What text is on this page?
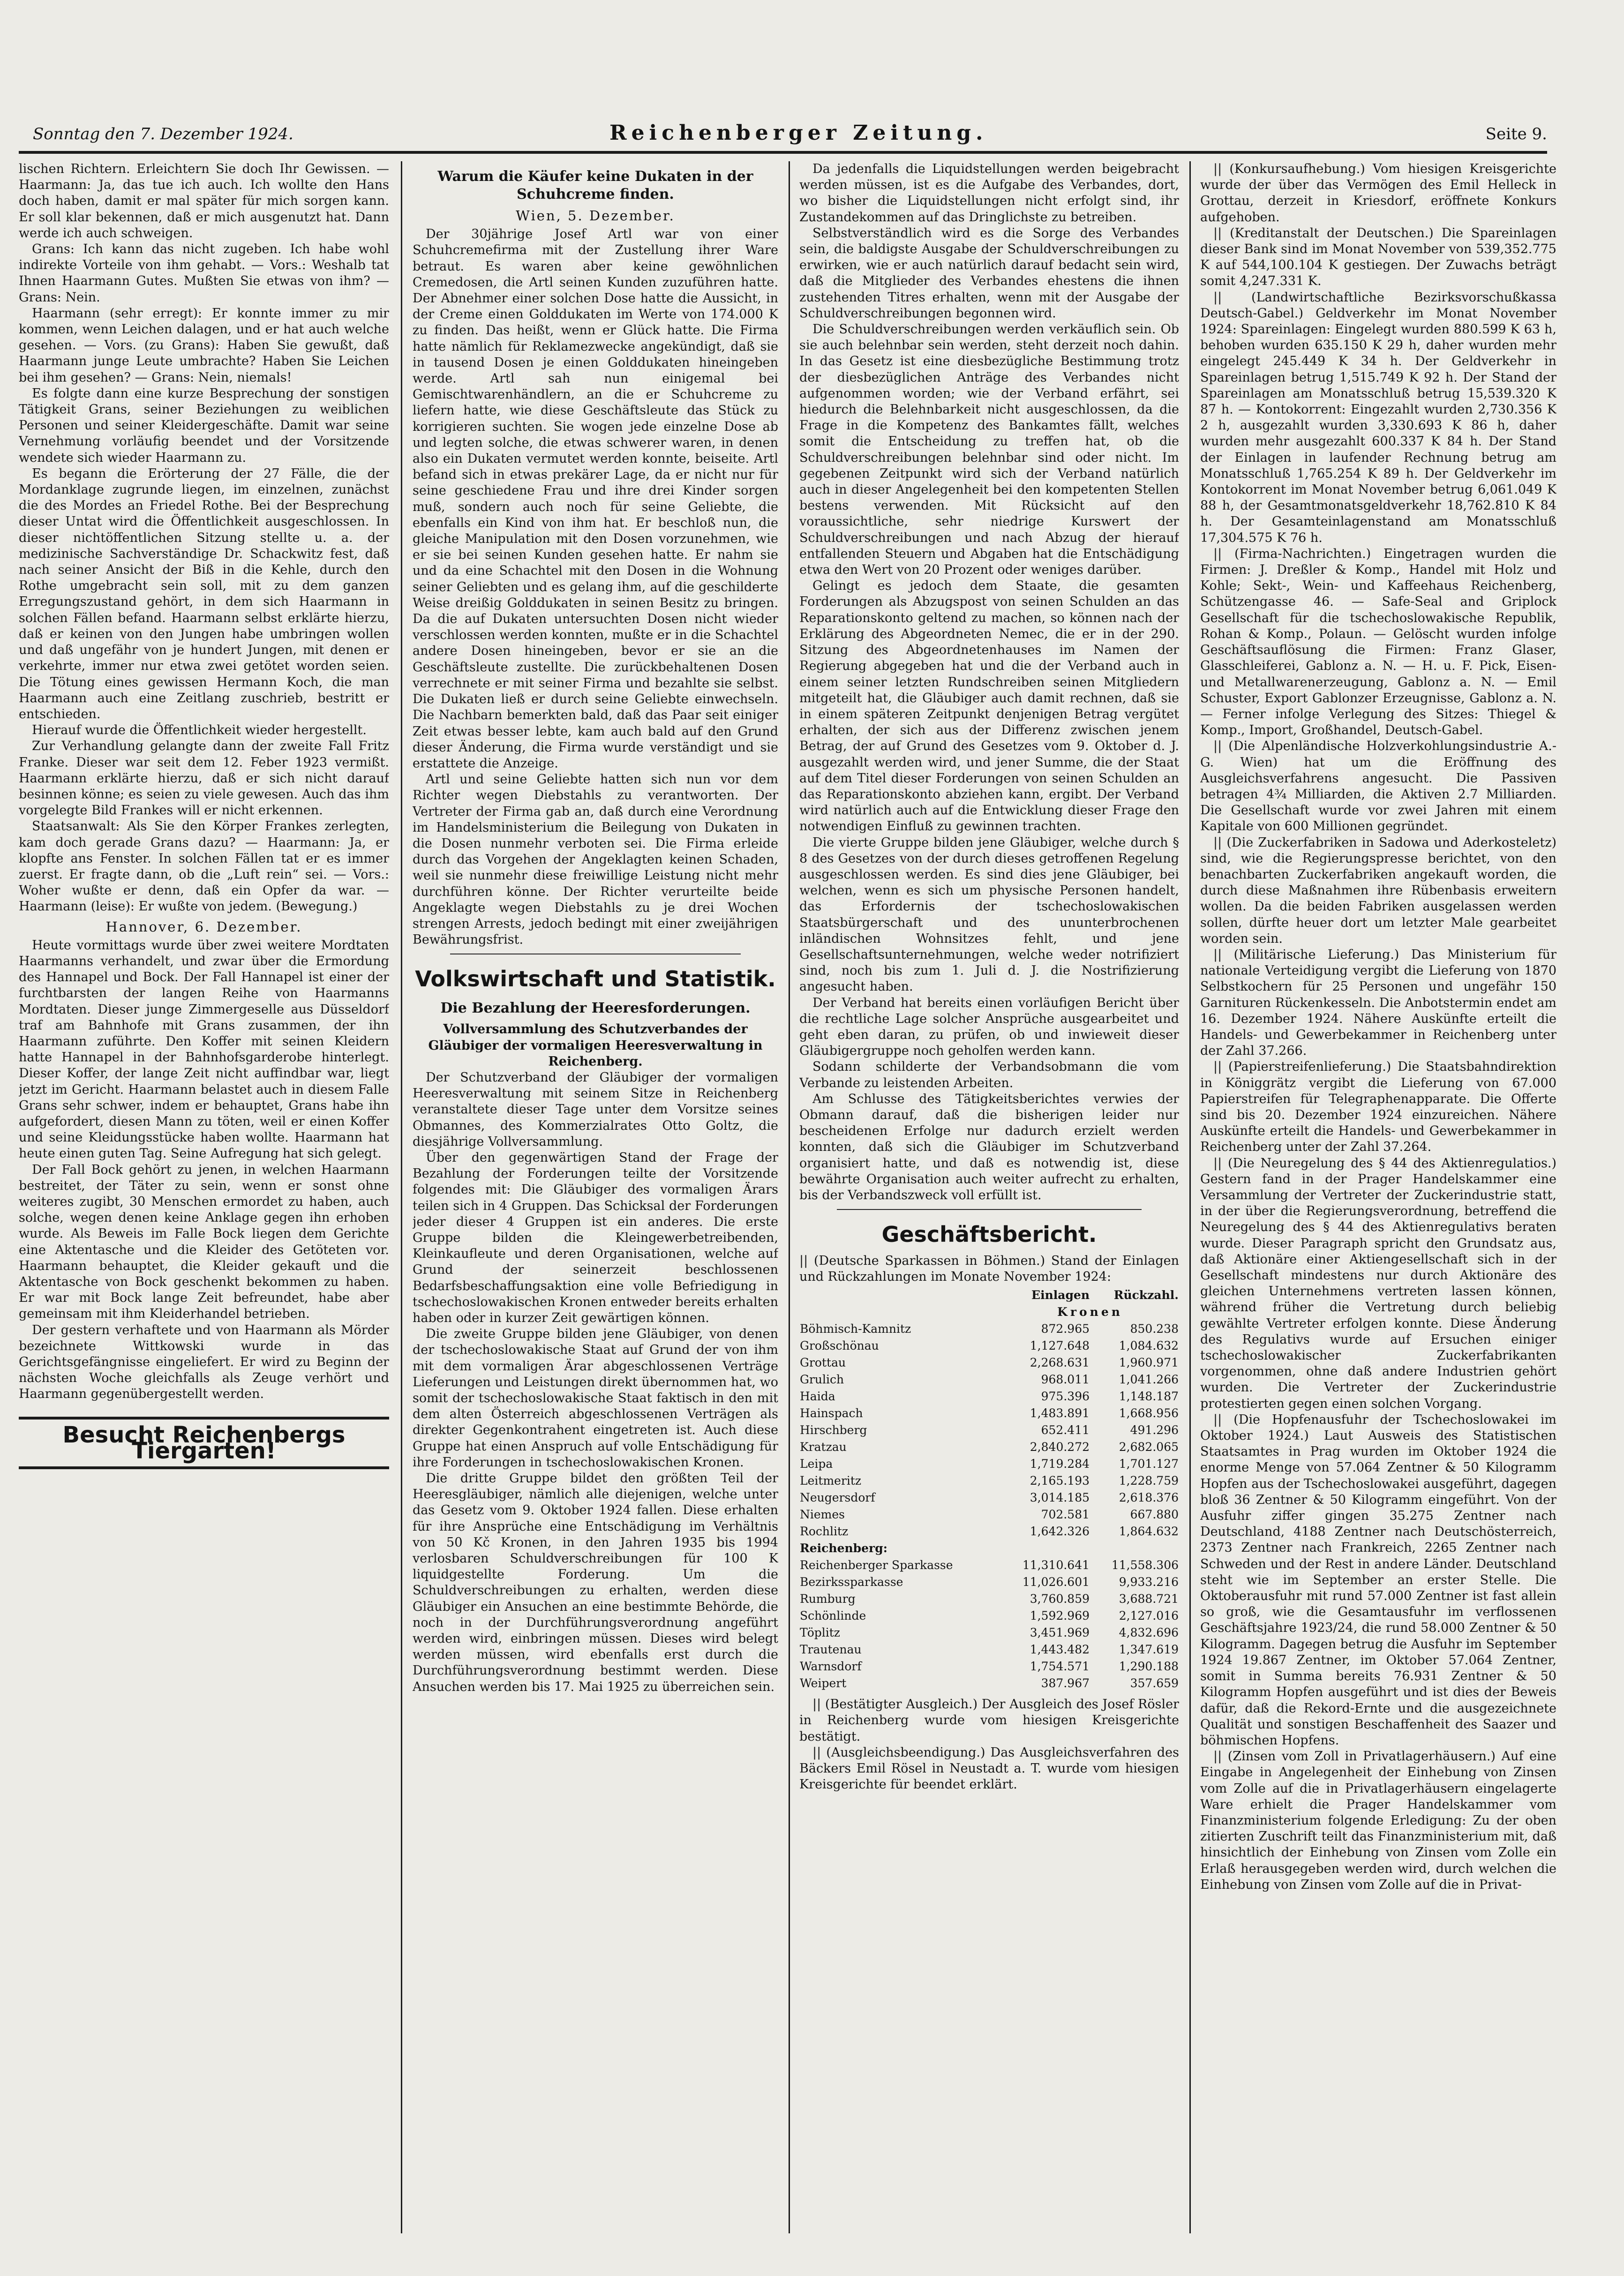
Sonntag den 7. Dezember 1924.	Reichenberger Zeitung.	Seite 9.

lischen Richtern. Erleichtern Sie doch Ihr Gewissen. — Haarmann: Ja, das tue ich auch. Ich wollte den Hans doch haben, damit er mal später für mich sorgen kann. Er soll klar bekennen, daß er mich ausgenutzt hat. Dann werde ich auch schweigen.

Grans: Ich kann das nicht zugeben. Ich habe wohl indirekte Vorteile von ihm gehabt. — Vors.: Weshalb tat Ihnen Haarmann Gutes. Mußten Sie etwas von ihm? — Grans: Nein.

Haarmann (sehr erregt): Er konnte immer zu mir kommen, wenn Leichen dalagen, und er hat auch welche gesehen. — Vors. (zu Grans): Haben Sie gewußt, daß Haarmann junge Leute umbrachte? Haben Sie Leichen bei ihm gesehen? — Grans: Nein, niemals!

Es folgte dann eine kurze Besprechung der sonstigen Tätigkeit Grans, seiner Beziehungen zu weiblichen Personen und seiner Kleidergeschäfte. Damit war seine Vernehmung vorläufig beendet und der Vorsitzende wendete sich wieder Haarmann zu.

Es begann die Erörterung der 27 Fälle, die der Mordanklage zugrunde liegen, im einzelnen, zunächst die des Mordes an Friedel Rothe. Bei der Besprechung dieser Untat wird die Öffentlichkeit ausgeschlossen. In dieser nichtöffentlichen Sitzung stellte u. a. der medizinische Sachverständige Dr. Schackwitz fest, daß nach seiner Ansicht der Biß in die Kehle, durch den Rothe umgebracht sein soll, mit zu dem ganzen Erregungszustand gehört, in dem sich Haarmann in solchen Fällen befand. Haarmann selbst erklärte hierzu, daß er keinen von den Jungen habe umbringen wollen und daß ungefähr von je hundert Jungen, mit denen er verkehrte, immer nur etwa zwei getötet worden seien. Die Tötung eines gewissen Hermann Koch, die man Haarmann auch eine Zeitlang zuschrieb, bestritt er entschieden.

Hierauf wurde die Öffentlichkeit wieder hergestellt.

Zur Verhandlung gelangte dann der zweite Fall Fritz Franke. Dieser war seit dem 12. Feber 1923 vermißt. Haarmann erklärte hierzu, daß er sich nicht darauf besinnen könne; es seien zu viele gewesen. Auch das ihm vorgelegte Bild Frankes will er nicht erkennen.

Staatsanwalt: Als Sie den Körper Frankes zerlegten, kam doch gerade Grans dazu? — Haarmann: Ja, er klopfte ans Fenster. In solchen Fällen tat er es immer zuerst. Er fragte dann, ob die „Luft rein“ sei. — Vors.: Woher wußte er denn, daß ein Opfer da war. — Haarmann (leise): Er wußte von jedem. (Bewegung.)

Hannover, 6. Dezember.

Heute vormittags wurde über zwei weitere Mordtaten Haarmanns verhandelt, und zwar über die Ermordung des Hannapel und Bock. Der Fall Hannapel ist einer der furchtbarsten der langen Reihe von Haarmanns Mordtaten. Dieser junge Zimmergeselle aus Düsseldorf traf am Bahnhofe mit Grans zusammen, der ihn Haarmann zuführte. Den Koffer mit seinen Kleidern hatte Hannapel in der Bahnhofsgarderobe hinterlegt. Dieser Koffer, der lange Zeit nicht auffindbar war, liegt jetzt im Gericht. Haarmann belastet auch in diesem Falle Grans sehr schwer, indem er behauptet, Grans habe ihn aufgefordert, diesen Mann zu töten, weil er einen Koffer und seine Kleidungsstücke haben wollte. Haarmann hat heute einen guten Tag. Seine Aufregung hat sich gelegt.

Der Fall Bock gehört zu jenen, in welchen Haarmann bestreitet, der Täter zu sein, wenn er sonst ohne weiteres zugibt, 30 Menschen ermordet zu haben, auch solche, wegen denen keine Anklage gegen ihn erhoben wurde. Als Beweis im Falle Bock liegen dem Gerichte eine Aktentasche und die Kleider des Getöteten vor. Haarmann behauptet, die Kleider gekauft und die Aktentasche von Bock geschenkt bekommen zu haben. Er war mit Bock lange Zeit befreundet, habe aber gemeinsam mit ihm Kleiderhandel betrieben.

Der gestern verhaftete und von Haarmann als Mörder bezeichnete Wittkowski wurde in das Gerichtsgefängnisse eingeliefert. Er wird zu Beginn der nächsten Woche gleichfalls als Zeuge verhört und Haarmann gegenübergestellt werden.

Besucht Reichenbergs Tiergarten!
Warum die Käufer keine Dukaten in der Schuhcreme finden.
Wien, 5. Dezember.

Der 30jährige Josef Artl war von einer Schuhcremefirma mit der Zustellung ihrer Ware betraut. Es waren aber keine gewöhnlichen Cremedosen, die Artl seinen Kunden zuzuführen hatte. Der Abnehmer einer solchen Dose hatte die Aussicht, in der Creme einen Golddukaten im Werte von 174.000 K zu finden. Das heißt, wenn er Glück hatte. Die Firma hatte nämlich für Reklamezwecke angekündigt, daß sie in tausend Dosen je einen Golddukaten hineingeben werde. Artl sah nun einigemal bei Gemischtwarenhändlern, an die er Schuhcreme zu liefern hatte, wie diese Geschäftsleute das Stück zu korrigieren suchten. Sie wogen jede einzelne Dose ab und legten solche, die etwas schwerer waren, in denen also ein Dukaten vermutet werden konnte, beiseite. Artl befand sich in etwas prekärer Lage, da er nicht nur für seine geschiedene Frau und ihre drei Kinder sorgen muß, sondern auch noch für seine Geliebte, die ebenfalls ein Kind von ihm hat. Er beschloß nun, die gleiche Manipulation mit den Dosen vorzunehmen, wie er sie bei seinen Kunden gesehen hatte. Er nahm sie und da eine Schachtel mit den Dosen in die Wohnung seiner Geliebten und es gelang ihm, auf die geschilderte Weise dreißig Golddukaten in seinen Besitz zu bringen. Da die auf Dukaten untersuchten Dosen nicht wieder verschlossen werden konnten, mußte er in die Schachtel andere Dosen hineingeben, bevor er sie an die Geschäftsleute zustellte. Die zurückbehaltenen Dosen verrechnete er mit seiner Firma und bezahlte sie selbst. Die Dukaten ließ er durch seine Geliebte einwechseln. Die Nachbarn bemerkten bald, daß das Paar seit einiger Zeit etwas besser lebte, kam auch bald auf den Grund dieser Änderung, die Firma wurde verständigt und sie erstattete die Anzeige.

Artl und seine Geliebte hatten sich nun vor dem Richter wegen Diebstahls zu verantworten. Der Vertreter der Firma gab an, daß durch eine Verordnung im Handelsministerium die Beilegung von Dukaten in die Dosen nunmehr verboten sei. Die Firma erleide durch das Vorgehen der Angeklagten keinen Schaden, weil sie nunmehr diese freiwillige Leistung nicht mehr durchführen könne. Der Richter verurteilte beide Angeklagte wegen Diebstahls zu je drei Wochen strengen Arrests, jedoch bedingt mit einer zweijährigen Bewährungsfrist.

Volkswirtschaft und Statistik.
Die Bezahlung der Heeresforderungen.

Vollversammlung des Schutzverbandes der Gläubiger der vormaligen Heeresverwaltung in Reichenberg.

Der Schutzverband der Gläubiger der vormaligen Heeresverwaltung mit seinem Sitze in Reichenberg veranstaltete dieser Tage unter dem Vorsitze seines Obmannes, des Kommerzialrates Otto Goltz, die diesjährige Vollversammlung.

Über den gegenwärtigen Stand der Frage der Bezahlung der Forderungen teilte der Vorsitzende folgendes mit: Die Gläubiger des vormaligen Ärars teilen sich in 4 Gruppen. Das Schicksal der Forderungen jeder dieser 4 Gruppen ist ein anderes. Die erste Gruppe bilden die Kleingewerbetreibenden, Kleinkaufleute und deren Organisationen, welche auf Grund der seinerzeit beschlossenen Bedarfsbeschaffungsaktion eine volle Befriedigung in tschechoslowakischen Kronen entweder bereits erhalten haben oder in kurzer Zeit gewärtigen können.

Die zweite Gruppe bilden jene Gläubiger, von denen der tschechoslowakische Staat auf Grund der von ihm mit dem vormaligen Ärar abgeschlossenen Verträge Lieferungen und Leistungen direkt übernommen hat, wo somit der tschechoslowakische Staat faktisch in den mit dem alten Österreich abgeschlossenen Verträgen als direkter Gegenkontrahent eingetreten ist. Auch diese Gruppe hat einen Anspruch auf volle Entschädigung für ihre Forderungen in tschechoslowakischen Kronen.

Die dritte Gruppe bildet den größten Teil der Heeresgläubiger, nämlich alle diejenigen, welche unter das Gesetz vom 9. Oktober 1924 fallen. Diese erhalten für ihre Ansprüche eine Entschädigung im Verhältnis von 50 Kč Kronen, in den Jahren 1935 bis 1994 verlosbaren Schuldverschreibungen für 100 K liquidgestellte Forderung. Um die Schuldverschreibungen zu erhalten, werden diese Gläubiger ein Ansuchen an eine bestimmte Behörde, die noch in der Durchführungsverordnung angeführt werden wird, einbringen müssen. Dieses wird belegt werden müssen, wird ebenfalls erst durch die Durchführungsverordnung bestimmt werden. Diese Ansuchen werden bis 17. Mai 1925 zu überreichen sein.

Da jedenfalls die Liquidstellungen werden beigebracht werden müssen, ist es die Aufgabe des Verbandes, dort, wo bisher die Liquidstellungen nicht erfolgt sind, ihr Zustandekommen auf das Dringlichste zu betreiben.

Selbstverständlich wird es die Sorge des Verbandes sein, die baldigste Ausgabe der Schuldverschreibungen zu erwirken, wie er auch natürlich darauf bedacht sein wird, daß die Mitglieder des Verbandes ehestens die ihnen zustehenden Titres erhalten, wenn mit der Ausgabe der Schuldverschreibungen begonnen wird.

Die Schuldverschreibungen werden verkäuflich sein. Ob sie auch belehnbar sein werden, steht derzeit noch dahin. In das Gesetz ist eine diesbezügliche Bestimmung trotz der diesbezüglichen Anträge des Verbandes nicht aufgenommen worden; wie der Verband erfährt, sei hiedurch die Belehnbarkeit nicht ausgeschlossen, da die Frage in die Kompetenz des Bankamtes fällt, welches somit die Entscheidung zu treffen hat, ob die Schuldverschreibungen belehnbar sind oder nicht. Im gegebenen Zeitpunkt wird sich der Verband natürlich auch in dieser Angelegenheit bei den kompetenten Stellen bestens verwenden. Mit Rücksicht auf den voraussichtliche, sehr niedrige Kurswert der Schuldverschreibungen und nach Abzug der hierauf entfallenden Steuern und Abgaben hat die Entschädigung etwa den Wert von 20 Prozent oder weniges darüber.

Gelingt es jedoch dem Staate, die gesamten Forderungen als Abzugspost von seinen Schulden an das Reparationskonto geltend zu machen, so können nach der Erklärung des Abgeordneten Nemec, die er in der 290. Sitzung des Abgeordnetenhauses im Namen der Regierung abgegeben hat und die der Verband auch in einem seiner letzten Rundschreiben seinen Mitgliedern mitgeteilt hat, die Gläubiger auch damit rechnen, daß sie in einem späteren Zeitpunkt denjenigen Betrag vergütet erhalten, der sich aus der Differenz zwischen jenem Betrag, der auf Grund des Gesetzes vom 9. Oktober d. J. ausgezahlt werden wird, und jener Summe, die der Staat auf dem Titel dieser Forderungen von seinen Schulden an das Reparationskonto abziehen kann, ergibt. Der Verband wird natürlich auch auf die Entwicklung dieser Frage den notwendigen Einfluß zu gewinnen trachten.

Die vierte Gruppe bilden jene Gläubiger, welche durch § 8 des Gesetzes von der durch dieses getroffenen Regelung ausgeschlossen werden. Es sind dies jene Gläubiger, bei welchen, wenn es sich um physische Personen handelt, das Erfordernis der tschechoslowakischen Staatsbürgerschaft und des ununterbrochenen inländischen Wohnsitzes fehlt, und jene Gesellschaftsunternehmungen, welche weder notrifiziert sind, noch bis zum 1. Juli d. J. die Nostrifizierung angesucht haben.

Der Verband hat bereits einen vorläufigen Bericht über die rechtliche Lage solcher Ansprüche ausgearbeitet und geht eben daran, zu prüfen, ob und inwieweit dieser Gläubigergruppe noch geholfen werden kann.

Sodann schilderte der Verbandsobmann die vom Verbande zu leistenden Arbeiten.

Am Schlusse des Tätigkeitsberichtes verwies der Obmann darauf, daß die bisherigen leider nur bescheidenen Erfolge nur dadurch erzielt werden konnten, daß sich die Gläubiger im Schutzverband organisiert hatte, und daß es notwendig ist, diese bewährte Organisation auch weiter aufrecht zu erhalten, bis der Verbandszweck voll erfüllt ist.

Geschäftsbericht.

|| (Deutsche Sparkassen in Böhmen.) Stand der Einlagen und Rückzahlungen im Monate November 1924:

	Einlagen	Rückzahl.
	Kronen	
Böhmisch-Kamnitz	872.965	850.238
Großschönau	1,127.648	1,084.632
Grottau	2,268.631	1,960.971
Grulich	968.011	1,041.266
Haida	975.396	1,148.187
Hainspach	1,483.891	1,668.956
Hirschberg	652.411	491.296
Kratzau	2,840.272	2,682.065
Leipa	1,719.284	1,701.127
Leitmeritz	2,165.193	1,228.759
Neugersdorf	3,014.185	2,618.376
Niemes	702.581	667.880
Rochlitz	1,642.326	1,864.632
Reichenberg:		
Reichenberger Sparkasse	11,310.641	11,558.306
Bezirkssparkasse	11,026.601	9,933.216
Rumburg	3,760.859	3,688.721
Schönlinde	1,592.969	2,127.016
Töplitz	3,451.969	4,832.696
Trautenau	1,443.482	1,347.619
Warnsdorf	1,754.571	1,290.188
Weipert	387.967	357.659

|| (Bestätigter Ausgleich.) Der Ausgleich des Josef Rösler in Reichenberg wurde vom hiesigen Kreisgerichte bestätigt.

|| (Ausgleichsbeendigung.) Das Ausgleichsverfahren des Bäckers Emil Rösel in Neustadt a. T. wurde vom hiesigen Kreisgerichte für beendet erklärt.

|| (Konkursaufhebung.) Vom hiesigen Kreisgerichte wurde der über das Vermögen des Emil Helleck in Grottau, derzeit in Kriesdorf, eröffnete Konkurs aufgehoben.

|| (Kreditanstalt der Deutschen.) Die Spareinlagen dieser Bank sind im Monat November von 539,352.775 K auf 544,100.104 K gestiegen. Der Zuwachs beträgt somit 4,247.331 K.

|| (Landwirtschaftliche Bezirksvorschußkassa Deutsch-Gabel.) Geldverkehr im Monat November 1924: Spareinlagen: Eingelegt wurden 880.599 K 63 h, behoben wurden 635.150 K 29 h, daher wurden mehr eingelegt 245.449 K 34 h. Der Geldverkehr in Spareinlagen betrug 1,515.749 K 92 h. Der Stand der Spareinlagen am Monatsschluß betrug 15,539.320 K 87 h. — Kontokorrent: Eingezahlt wurden 2,730.356 K 2 h, ausgezahlt wurden 3,330.693 K 86 h, daher wurden mehr ausgezahlt 600.337 K 84 h. Der Stand der Einlagen in laufender Rechnung betrug am Monatsschluß 1,765.254 K 89 h. Der Geldverkehr im Kontokorrent im Monat November betrug 6,061.049 K 88 h, der Gesamtmonatsgeldverkehr 18,762.810 K 84 h. Der Gesamteinlagenstand am Monatsschluß 17,304.575 K 76 h.

|| (Firma-Nachrichten.) Eingetragen wurden die Firmen: J. Dreßler & Komp., Handel mit Holz und Kohle; Sekt-, Wein- und Kaffeehaus Reichenberg, Schützengasse 46. — Safe-Seal and Griplock Gesellschaft für die tschechoslowakische Republik, Rohan & Komp., Polaun. — Gelöscht wurden infolge Geschäftsauflösung die Firmen: Franz Glaser, Glasschleiferei, Gablonz a. N. — H. u. F. Pick, Eisen- und Metallwarenerzeugung, Gablonz a. N. — Emil Schuster, Export Gablonzer Erzeugnisse, Gablonz a. N. — Ferner infolge Verlegung des Sitzes: Thiegel & Komp., Import, Großhandel, Deutsch-Gabel.

|| (Die Alpenländische Holzverkohlungsindustrie A.-G. Wien) hat um die Eröffnung des Ausgleichsverfahrens angesucht. Die Passiven betragen 4¾ Milliarden, die Aktiven 2.7 Milliarden. Die Gesellschaft wurde vor zwei Jahren mit einem Kapitale von 600 Millionen gegründet.

|| (Die Zuckerfabriken in Sadowa und Aderkosteletz) sind, wie die Regierungspresse berichtet, von den benachbarten Zuckerfabriken angekauft worden, die durch diese Maßnahmen ihre Rübenbasis erweitern wollen. Da die beiden Fabriken ausgelassen werden sollen, dürfte heuer dort um letzter Male gearbeitet worden sein.

|| (Militärische Lieferung.) Das Ministerium für nationale Verteidigung vergibt die Lieferung von 1870 Selbstkochern für 25 Personen und ungefähr 150 Garnituren Rückenkesseln. Die Anbotstermin endet am 16. Dezember 1924. Nähere Auskünfte erteilt die Handels- und Gewerbekammer in Reichenberg unter der Zahl 37.266.

|| (Papierstreifenlieferung.) Die Staatsbahndirektion in Königgrätz vergibt die Lieferung von 67.000 Papierstreifen für Telegraphenapparate. Die Offerte sind bis 20. Dezember 1924 einzureichen. Nähere Auskünfte erteilt die Handels- und Gewerbekammer in Reichenberg unter der Zahl 37.264.

|| (Die Neuregelung des § 44 des Aktienregulatios.) Gestern fand in der Prager Handelskammer eine Versammlung der Vertreter der Zuckerindustrie statt, in der über die Regierungsverordnung, betreffend die Neuregelung des § 44 des Aktienregulativs beraten wurde. Dieser Paragraph spricht den Grundsatz aus, daß Aktionäre einer Aktiengesellschaft sich in der Gesellschaft mindestens nur durch Aktionäre des gleichen Unternehmens vertreten lassen können, während früher die Vertretung durch beliebig gewählte Vertreter erfolgen konnte. Diese Änderung des Regulativs wurde auf Ersuchen einiger tschechoslowakischer Zuckerfabrikanten vorgenommen, ohne daß andere Industrien gehört wurden. Die Vertreter der Zuckerindustrie protestierten gegen einen solchen Vorgang.

|| (Die Hopfenausfuhr der Tschechoslowakei im Oktober 1924.) Laut Ausweis des Statistischen Staatsamtes in Prag wurden im Oktober 1924 die enorme Menge von 57.064 Zentner & 50 Kilogramm Hopfen aus der Tschechoslowakei ausgeführt, dagegen bloß 36 Zentner & 50 Kilogramm eingeführt. Von der Ausfuhr ziffer gingen 35.275 Zentner nach Deutschland, 4188 Zentner nach Deutschösterreich, 2373 Zentner nach Frankreich, 2265 Zentner nach Schweden und der Rest in andere Länder. Deutschland steht wie im September an erster Stelle. Die Oktoberausfuhr mit rund 57.000 Zentner ist fast allein so groß, wie die Gesamtausfuhr im verflossenen Geschäftsjahre 1923/24, die rund 58.000 Zentner & 50 Kilogramm. Dagegen betrug die Ausfuhr im September 1924 19.867 Zentner, im Oktober 57.064 Zentner, somit in Summa bereits 76.931 Zentner & 50 Kilogramm Hopfen ausgeführt und ist dies der Beweis dafür, daß die Rekord-Ernte und die ausgezeichnete Qualität und sonstigen Beschaffenheit des Saazer und böhmischen Hopfens.

|| (Zinsen vom Zoll in Privatlagerhäusern.) Auf eine Eingabe in Angelegenheit der Einhebung von Zinsen vom Zolle auf die in Privatlagerhäusern eingelagerte Ware erhielt die Prager Handelskammer vom Finanzministerium folgende Erledigung: Zu der oben zitierten Zuschrift teilt das Finanzministerium mit, daß hinsichtlich der Einhebung von Zinsen vom Zolle ein Erlaß herausgegeben werden wird, durch welchen die Einhebung von Zinsen vom Zolle auf die in Privat-
